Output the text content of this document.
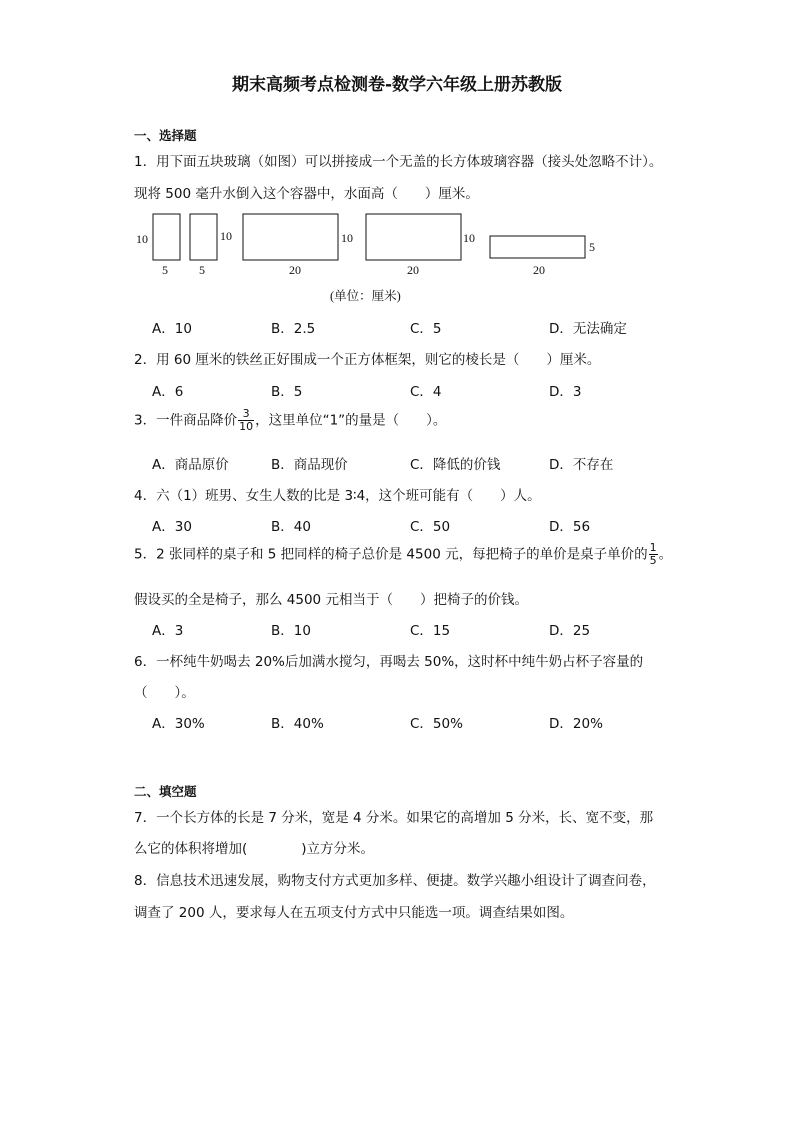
期末高频考点检测卷-数学六年级上册苏教版
一、选择题
1．用下面五块玻璃（如图）可以拼接成一个无盖的长方体玻璃容器（接头处忽略不计）。
现将 500 毫升水倒入这个容器中，水面高（　　）厘米。
10
5
10
5
10
20
10
20
5
20
(单位：厘米)
A．10	B．2.5	C．5	D．无法确定
2．用 60 厘米的铁丝正好围成一个正方体框架，则它的棱长是（　　）厘米。
A．6	B．5	C．4	D．3
3．一件商品降价 $\frac{3}{10}$ ，这里单位“1”的量是（　　）。
A．商品原价	B．商品现价	C．降低的价钱	D．不存在
4．六（1）班男、女生人数的比是 3∶4，这个班可能有（　　）人。
A．30	B．40	C．50	D．56
5．2 张同样的桌子和 5 把同样的椅子总价是 4500 元，每把椅子的单价是桌子单价的 $\frac{1}{5}$ 。
假设买的全是椅子，那么 4500 元相当于（　　）把椅子的价钱。
A．3	B．10	C．15	D．25
6．一杯纯牛奶喝去 20%后加满水搅匀，再喝去 50%，这时杯中纯牛奶占杯子容量的
（　　）。
A．30%	B．40%	C．50%	D．20%
二、填空题
7．一个长方体的长是 7 分米，宽是 4 分米。如果它的高增加 5 分米，长、宽不变，那
么它的体积将增加(	)立方分米。
8．信息技术迅速发展，购物支付方式更加多样、便捷。数学兴趣小组设计了调查问卷，
调查了 200 人，要求每人在五项支付方式中只能选一项。调查结果如图。
